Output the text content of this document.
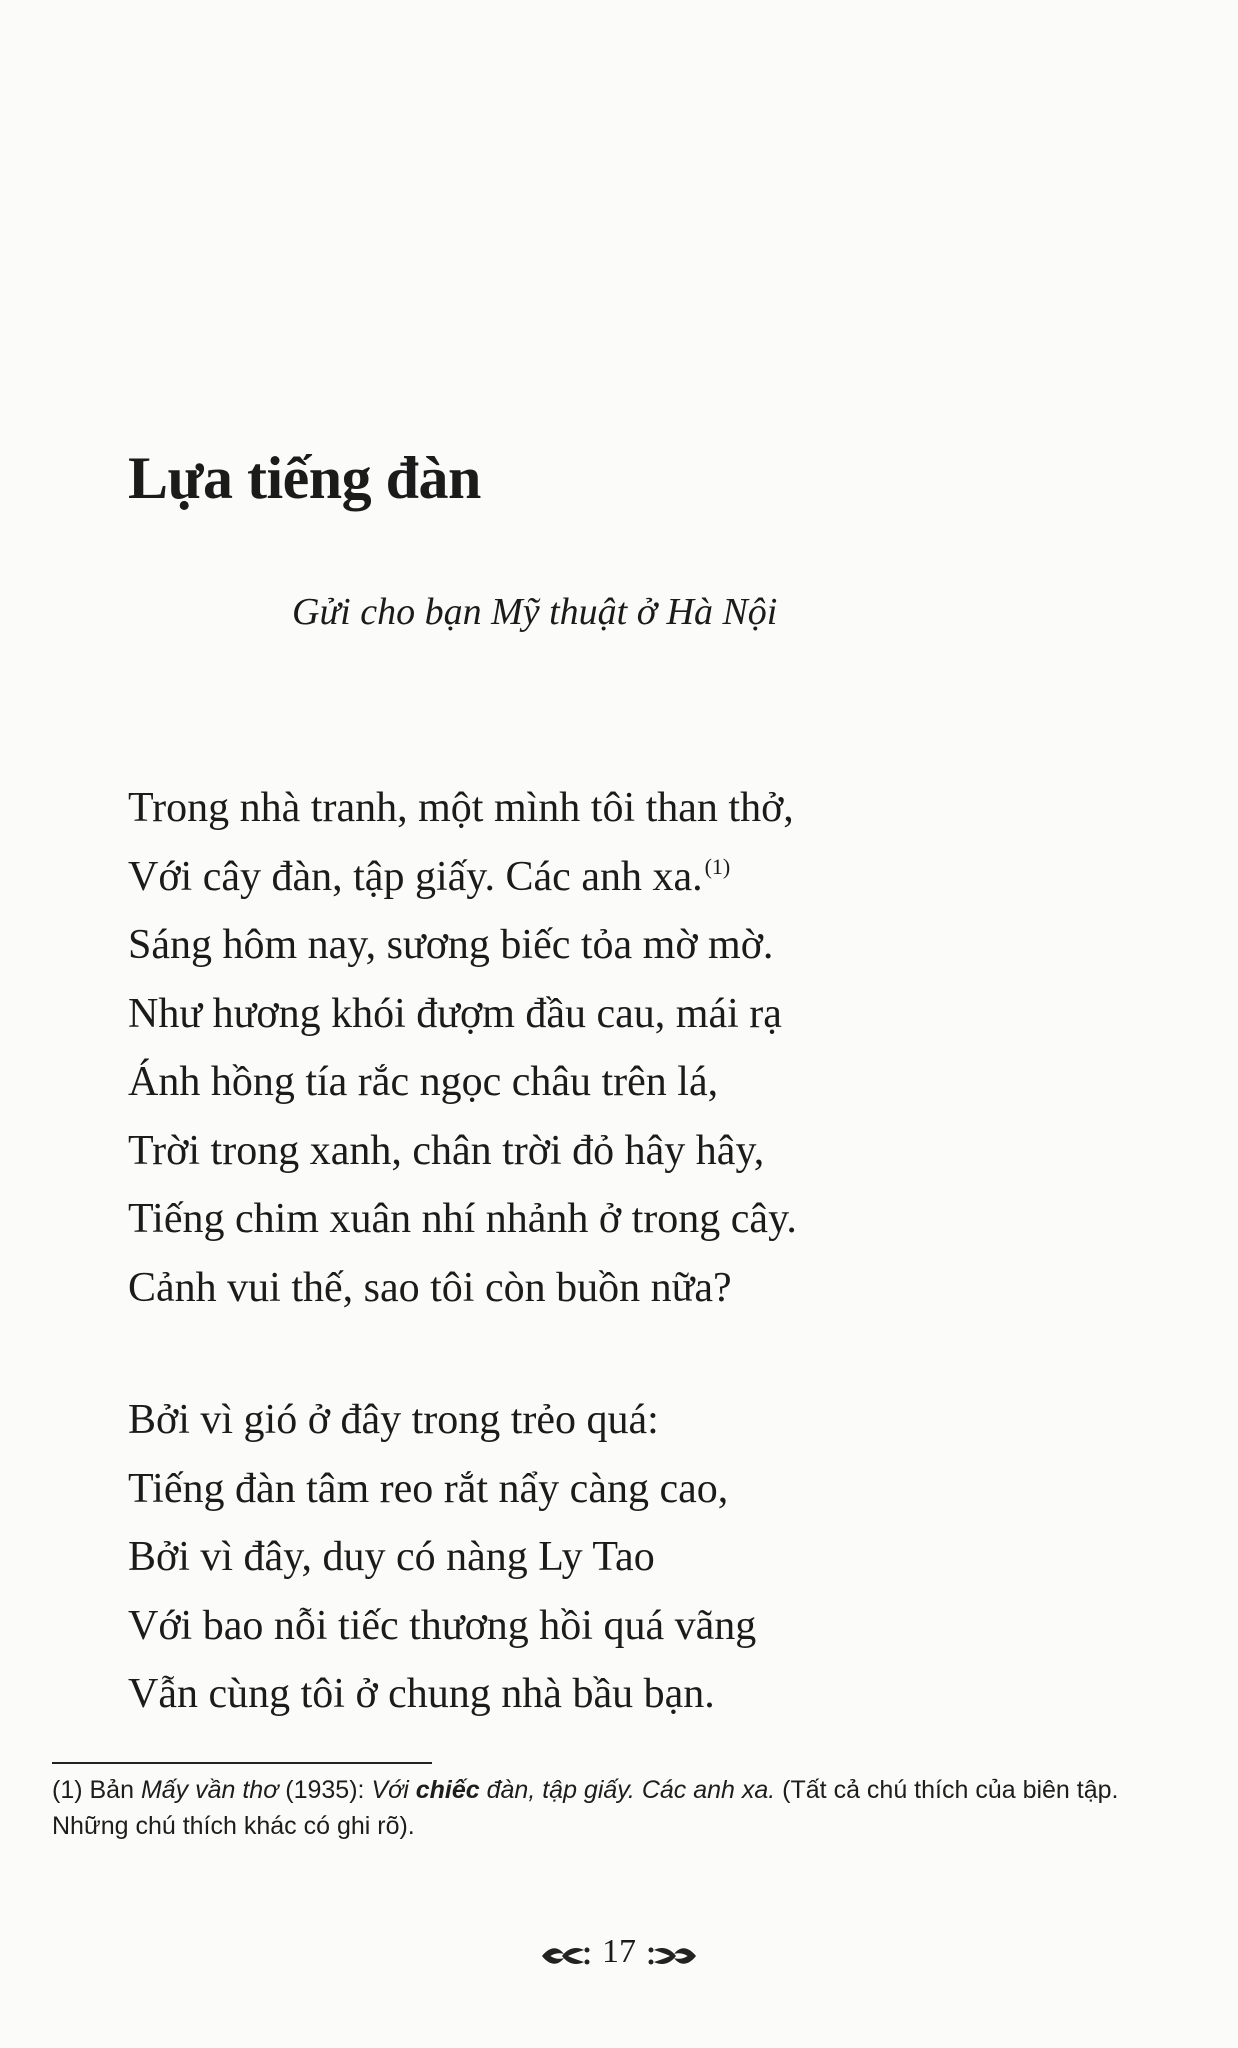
Lựa tiếng đàn

Gửi cho bạn Mỹ thuật ở Hà Nội

Trong nhà tranh, một mình tôi than thở,
Với cây đàn, tập giấy. Các anh xa.$^{(1)}$
Sáng hôm nay, sương biếc tỏa mờ mờ.
Như hương khói đượm đầu cau, mái rạ
Ánh hồng tía rắc ngọc châu trên lá,
Trời trong xanh, chân trời đỏ hây hây,
Tiếng chim xuân nhí nhảnh ở trong cây.
Cảnh vui thế, sao tôi còn buồn nữa?
Bởi vì gió ở đây trong trẻo quá:
Tiếng đàn tâm reo rắt nẩy càng cao,
Bởi vì đây, duy có nàng Ly Tao
Với bao nỗi tiếc thương hồi quá vãng
Vẫn cùng tôi ở chung nhà bầu bạn.

(1) Bản Mấy vần thơ (1935): Với chiếc đàn, tập giấy. Các anh xa. (Tất cả chú thích của biên tập. Những chú thích khác có ghi rõ).

17
